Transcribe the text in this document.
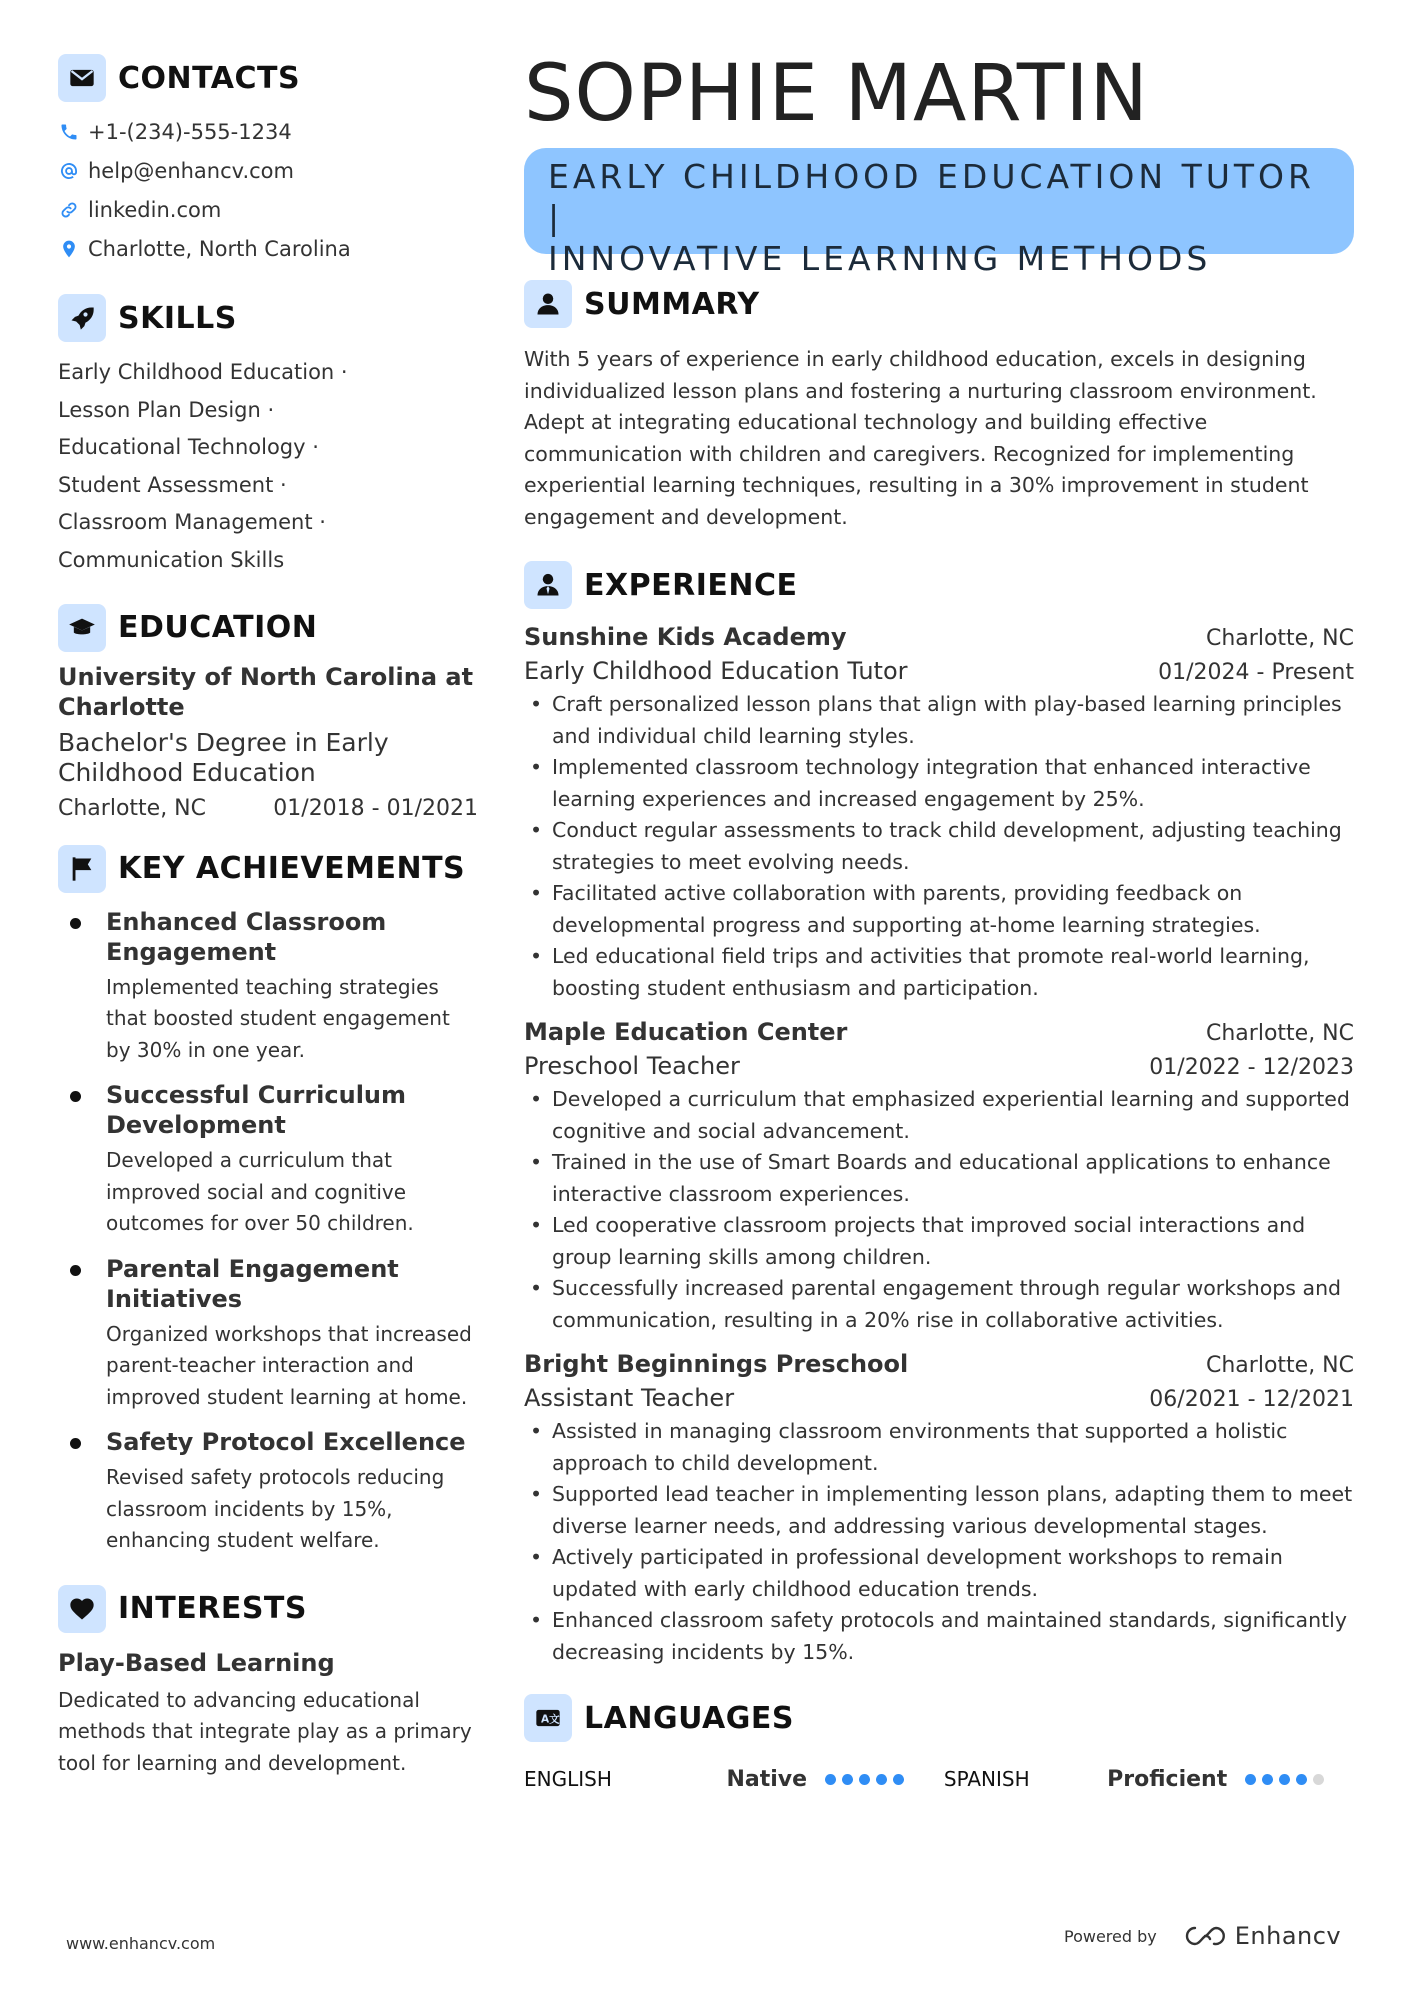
CONTACTS
+1-(234)-555-1234
help@enhancv.com
linkedin.com
Charlotte, North Carolina
SKILLS
Early Childhood Education ·
Lesson Plan Design ·
Educational Technology ·
Student Assessment ·
Classroom Management ·
Communication Skills
EDUCATION
University of North Carolina at Charlotte
Bachelor's Degree in Early Childhood Education
Charlotte, NC	01/2018 - 01/2021
KEY ACHIEVEMENTS
Enhanced Classroom Engagement
Implemented teaching strategies that boosted student engagement by 30% in one year.
Successful Curriculum Development
Developed a curriculum that improved social and cognitive outcomes for over 50 children.
Parental Engagement Initiatives
Organized workshops that increased parent-teacher interaction and improved student learning at home.
Safety Protocol Excellence
Revised safety protocols reducing classroom incidents by 15%, enhancing student welfare.
INTERESTS
Play-Based Learning
Dedicated to advancing educational methods that integrate play as a primary tool for learning and development.
SOPHIE MARTIN
EARLY CHILDHOOD EDUCATION TUTOR |
INNOVATIVE LEARNING METHODS
SUMMARY
With 5 years of experience in early childhood education, excels in designing individualized lesson plans and fostering a nurturing classroom environment. Adept at integrating educational technology and building effective communication with children and caregivers. Recognized for implementing experiential learning techniques, resulting in a 30% improvement in student engagement and development.
EXPERIENCE
Sunshine Kids Academy	Charlotte, NC
Early Childhood Education Tutor	01/2024 - Present
• Craft personalized lesson plans that align with play-based learning principles and individual child learning styles.
• Implemented classroom technology integration that enhanced interactive learning experiences and increased engagement by 25%.
• Conduct regular assessments to track child development, adjusting teaching strategies to meet evolving needs.
• Facilitated active collaboration with parents, providing feedback on developmental progress and supporting at-home learning strategies.
• Led educational field trips and activities that promote real-world learning, boosting student enthusiasm and participation.
Maple Education Center	Charlotte, NC
Preschool Teacher	01/2022 - 12/2023
• Developed a curriculum that emphasized experiential learning and supported cognitive and social advancement.
• Trained in the use of Smart Boards and educational applications to enhance interactive classroom experiences.
• Led cooperative classroom projects that improved social interactions and group learning skills among children.
• Successfully increased parental engagement through regular workshops and communication, resulting in a 20% rise in collaborative activities.
Bright Beginnings Preschool	Charlotte, NC
Assistant Teacher	06/2021 - 12/2021
• Assisted in managing classroom environments that supported a holistic approach to child development.
• Supported lead teacher in implementing lesson plans, adapting them to meet diverse learner needs, and addressing various developmental stages.
• Actively participated in professional development workshops to remain updated with early childhood education trends.
• Enhanced classroom safety protocols and maintained standards, significantly decreasing incidents by 15%.
A 文 LANGUAGES
ENGLISH	Native	SPANISH	Proficient
www.enhancv.com	Powered by	Enhancv
